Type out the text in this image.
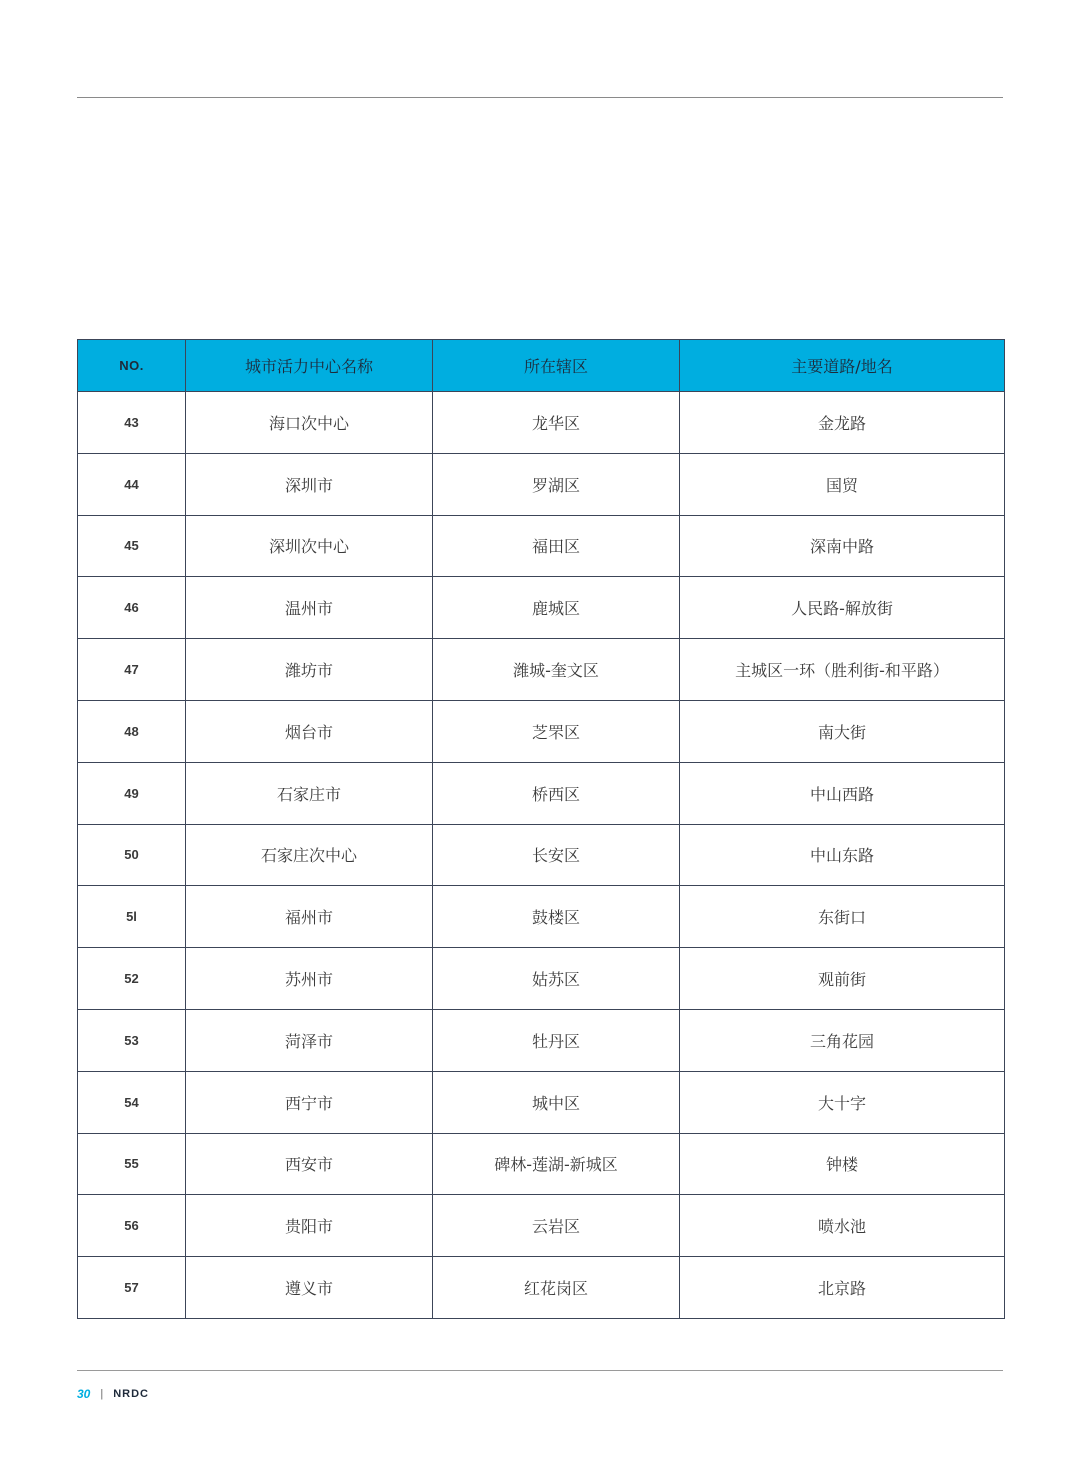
NO.	城市活力中心名称	所在辖区	主要道路/地名
43	海口次中心	龙华区	金龙路
44	深圳市	罗湖区	国贸
45	深圳次中心	福田区	深南中路
46	温州市	鹿城区	人民路-解放街
47	潍坊市	潍城-奎文区	主城区一环（胜利街-和平路）
48	烟台市	芝罘区	南大街
49	石家庄市	桥西区	中山西路
50	石家庄次中心	长安区	中山东路
5l	福州市	鼓楼区	东街口
52	苏州市	姑苏区	观前街
53	菏泽市	牡丹区	三角花园
54	西宁市	城中区	大十字
55	西安市	碑林-莲湖-新城区	钟楼
56	贵阳市	云岩区	喷水池
57	遵义市	红花岗区	北京路
30 | NRDC
